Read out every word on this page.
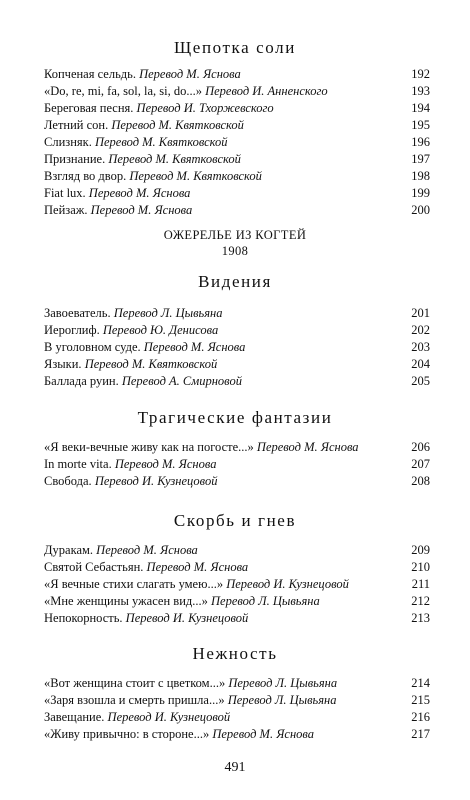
Щепотка соли
Копченая сельдь. Перевод М. Яснова	192
«Do, re, mi, fa, sol, la, si, do...» Перевод И. Анненского	193
Береговая песня. Перевод И. Тхоржевского	194
Летний сон. Перевод М. Квятковской	195
Слизняк. Перевод М. Квятковской	196
Признание. Перевод М. Квятковской	197
Взгляд во двор. Перевод М. Квятковской	198
Fiat lux. Перевод М. Яснова	199
Пейзаж. Перевод М. Яснова	200
ОЖЕРЕЛЬЕ ИЗ КОГТЕЙ
1908
Видения
Завоеватель. Перевод Л. Цывьяна	201
Иероглиф. Перевод Ю. Денисова	202
В уголовном суде. Перевод М. Яснова	203
Языки. Перевод М. Квятковской	204
Баллада руин. Перевод А. Смирновой	205
Трагические фантазии
«Я веки-вечные живу как на погосте...» Перевод М. Яснова	206
In morte vita. Перевод М. Яснова	207
Свобода. Перевод И. Кузнецовой	208
Скорбь и гнев
Дуракам. Перевод М. Яснова	209
Святой Себастьян. Перевод М. Яснова	210
«Я вечные стихи слагать умею...» Перевод И. Кузнецовой	211
«Мне женщины ужасен вид...» Перевод Л. Цывьяна	212
Непокорность. Перевод И. Кузнецовой	213
Нежность
«Вот женщина стоит с цветком...» Перевод Л. Цывьяна	214
«Заря взошла и смерть пришла...» Перевод Л. Цывьяна	215
Завещание. Перевод И. Кузнецовой	216
«Живу привычно: в стороне...» Перевод М. Яснова	217
491
